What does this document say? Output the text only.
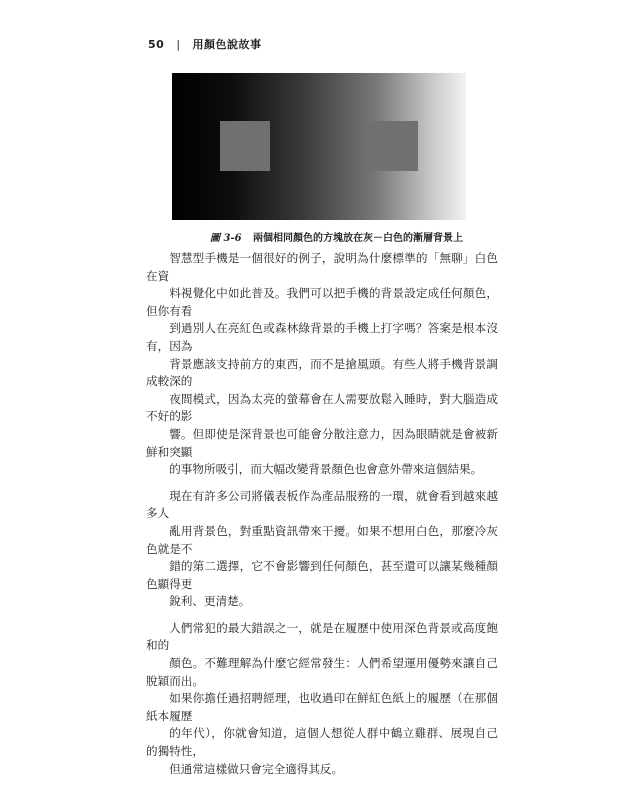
50 | 用顏色說故事
圖 3-6 兩個相同顏色的方塊放在灰－白色的漸層背景上

智慧型手機是一個很好的例子，說明為什麼標準的「無聊」白色在資
料視覺化中如此普及。我們可以把手機的背景設定成任何顏色，但你有看
到過別人在亮紅色或森林綠背景的手機上打字嗎？答案是根本沒有，因為
背景應該支持前方的東西，而不是搶風頭。有些人將手機背景調成較深的
夜間模式，因為太亮的螢幕會在人需要放鬆入睡時，對大腦造成不好的影
響。但即使是深背景也可能會分散注意力，因為眼睛就是會被新鮮和突顯
的事物所吸引，而大幅改變背景顏色也會意外帶來這個結果。

現在有許多公司將儀表板作為產品服務的一環，就會看到越來越多人
亂用背景色，對重點資訊帶來干擾。如果不想用白色，那麼冷灰色就是不
錯的第二選擇，它不會影響到任何顏色，甚至還可以讓某幾種顏色顯得更
銳利、更清楚。

人們常犯的最大錯誤之一，就是在履歷中使用深色背景或高度飽和的
顏色。不難理解為什麼它經常發生：人們希望運用優勢來讓自己脫穎而出。
如果你擔任過招聘經理，也收過印在鮮紅色紙上的履歷（在那個紙本履歷
的年代），你就會知道，這個人想從人群中鶴立雞群、展現自己的獨特性，
但通常這樣做只會完全適得其反。
